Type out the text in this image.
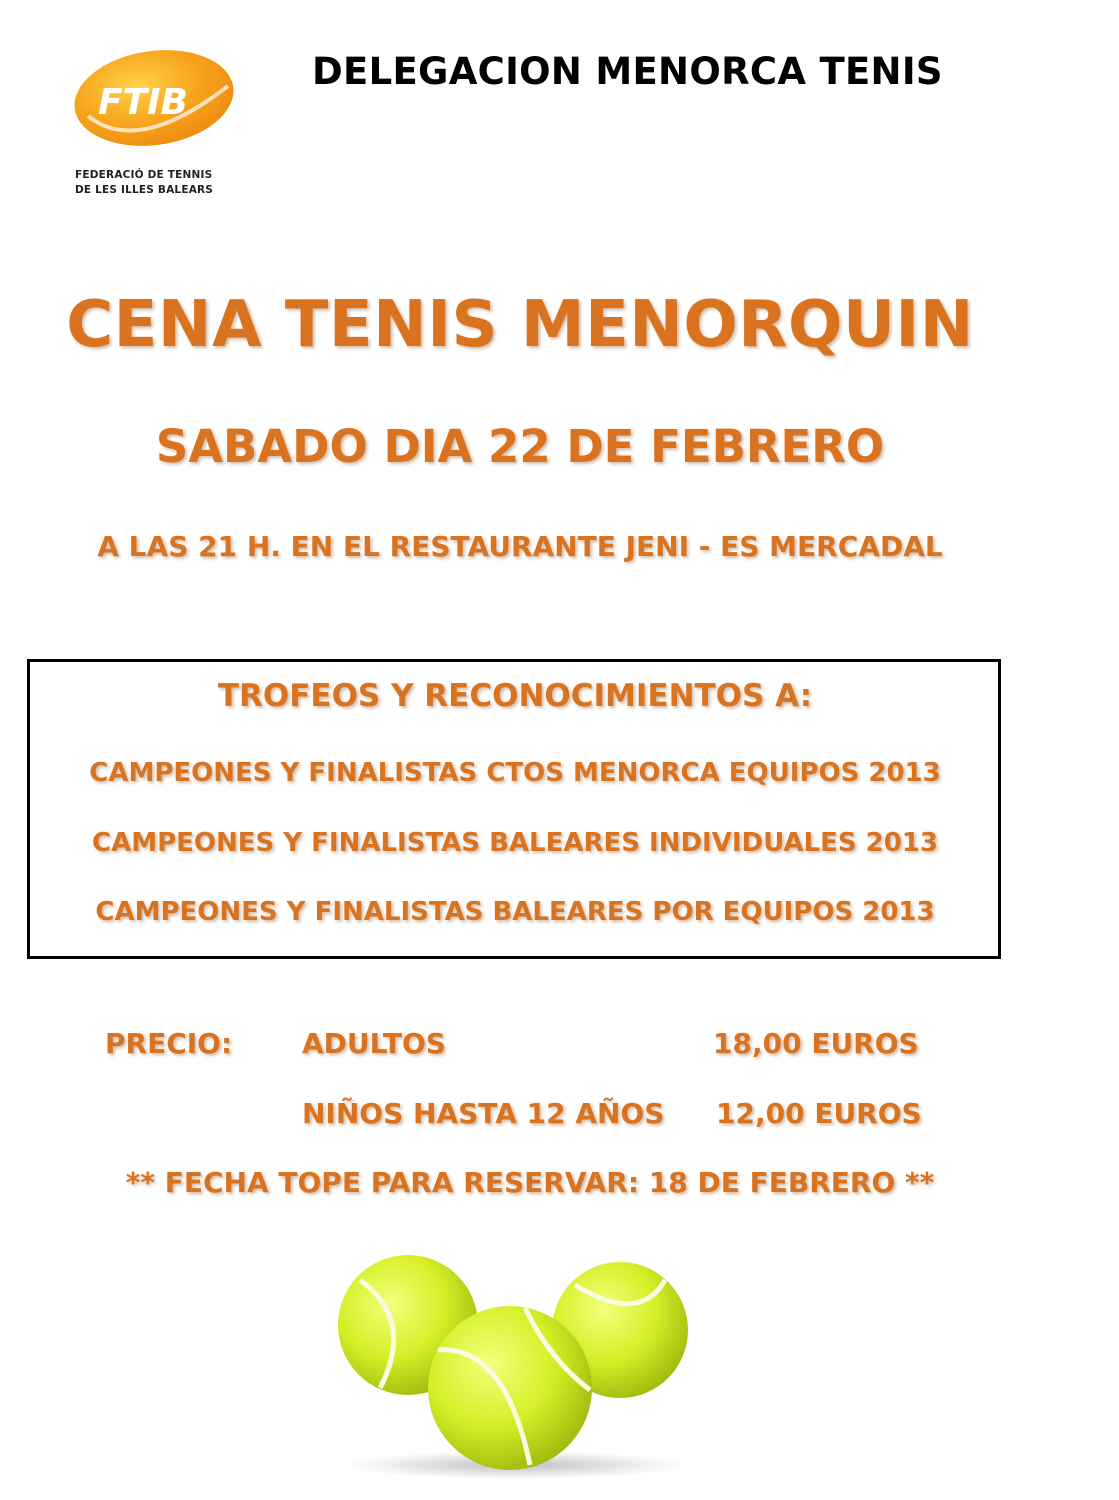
FTIB
FEDERACIÓ DE TENNIS
DE LES ILLES BALEARS
DELEGACION MENORCA TENIS
CENA TENIS MENORQUIN
SABADO DIA 22 DE FEBRERO
A LAS 21 H. EN EL RESTAURANTE JENI - ES MERCADAL
TROFEOS Y RECONOCIMIENTOS A:
CAMPEONES Y FINALISTAS CTOS MENORCA EQUIPOS 2013
CAMPEONES Y FINALISTAS BALEARES INDIVIDUALES 2013
CAMPEONES Y FINALISTAS BALEARES POR EQUIPOS 2013
PRECIO: ADULTOS	18,00 EUROS
NIÑOS HASTA 12 AÑOS 12,00 EUROS
** FECHA TOPE PARA RESERVAR: 18 DE FEBRERO **
